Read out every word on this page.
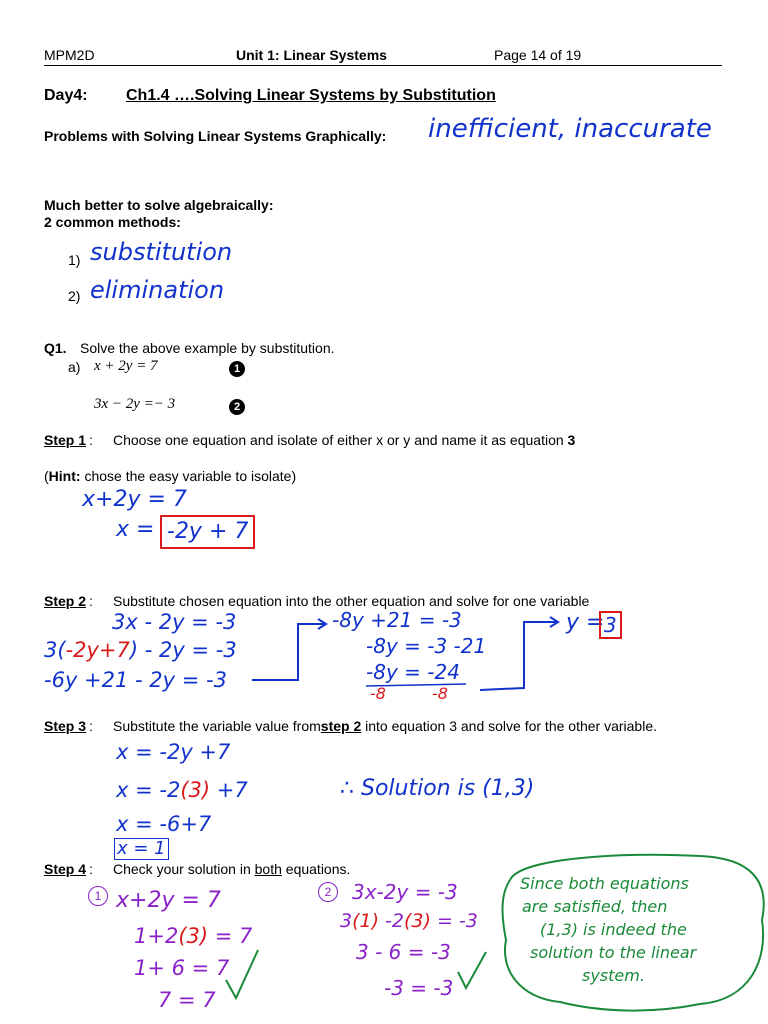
MPM2D	Unit 1: Linear Systems	Page 14 of 19
Day4: Ch1.4 ….Solving Linear Systems by Substitution
Problems with Solving Linear Systems Graphically: inefficient, inaccurate
Much better to solve algebraically:
2 common methods:
1) substitution
2) elimination
Q1. Solve the above example by substitution.
a) x + 2y = 7	1
3x − 2y =− 3	2
Step 1 : Choose one equation and isolate of either x or y and name it as equation 3
(Hint: chose the easy variable to isolate)
x+2y = 7
x = -2y + 7
Step 2 : Substitute chosen equation into the other equation and solve for one variable
3x - 2y = -3
3(-2y+7) - 2y = -3
-6y +21 - 2y = -3
-8y +21 = -3
-8y = -3 -21
-8y = -24
-8	-8
y = 3
Step 3 : Substitute the variable value fromstep 2 into equation 3 and solve for the other variable.
x = -2y +7
x = -2(3) +7
x = -6+7
x = 1
∴ Solution is (1,3)
Step 4 : Check your solution in both equations.
1 x+2y = 7
1+2(3) = 7
1+ 6 = 7
7 = 7
2	3x-2y = -3
3(1) -2(3) = -3
3 - 6 = -3
-3 = -3
Since both equations
are satisfied, then
(1,3) is indeed the
solution to the linear
system.
